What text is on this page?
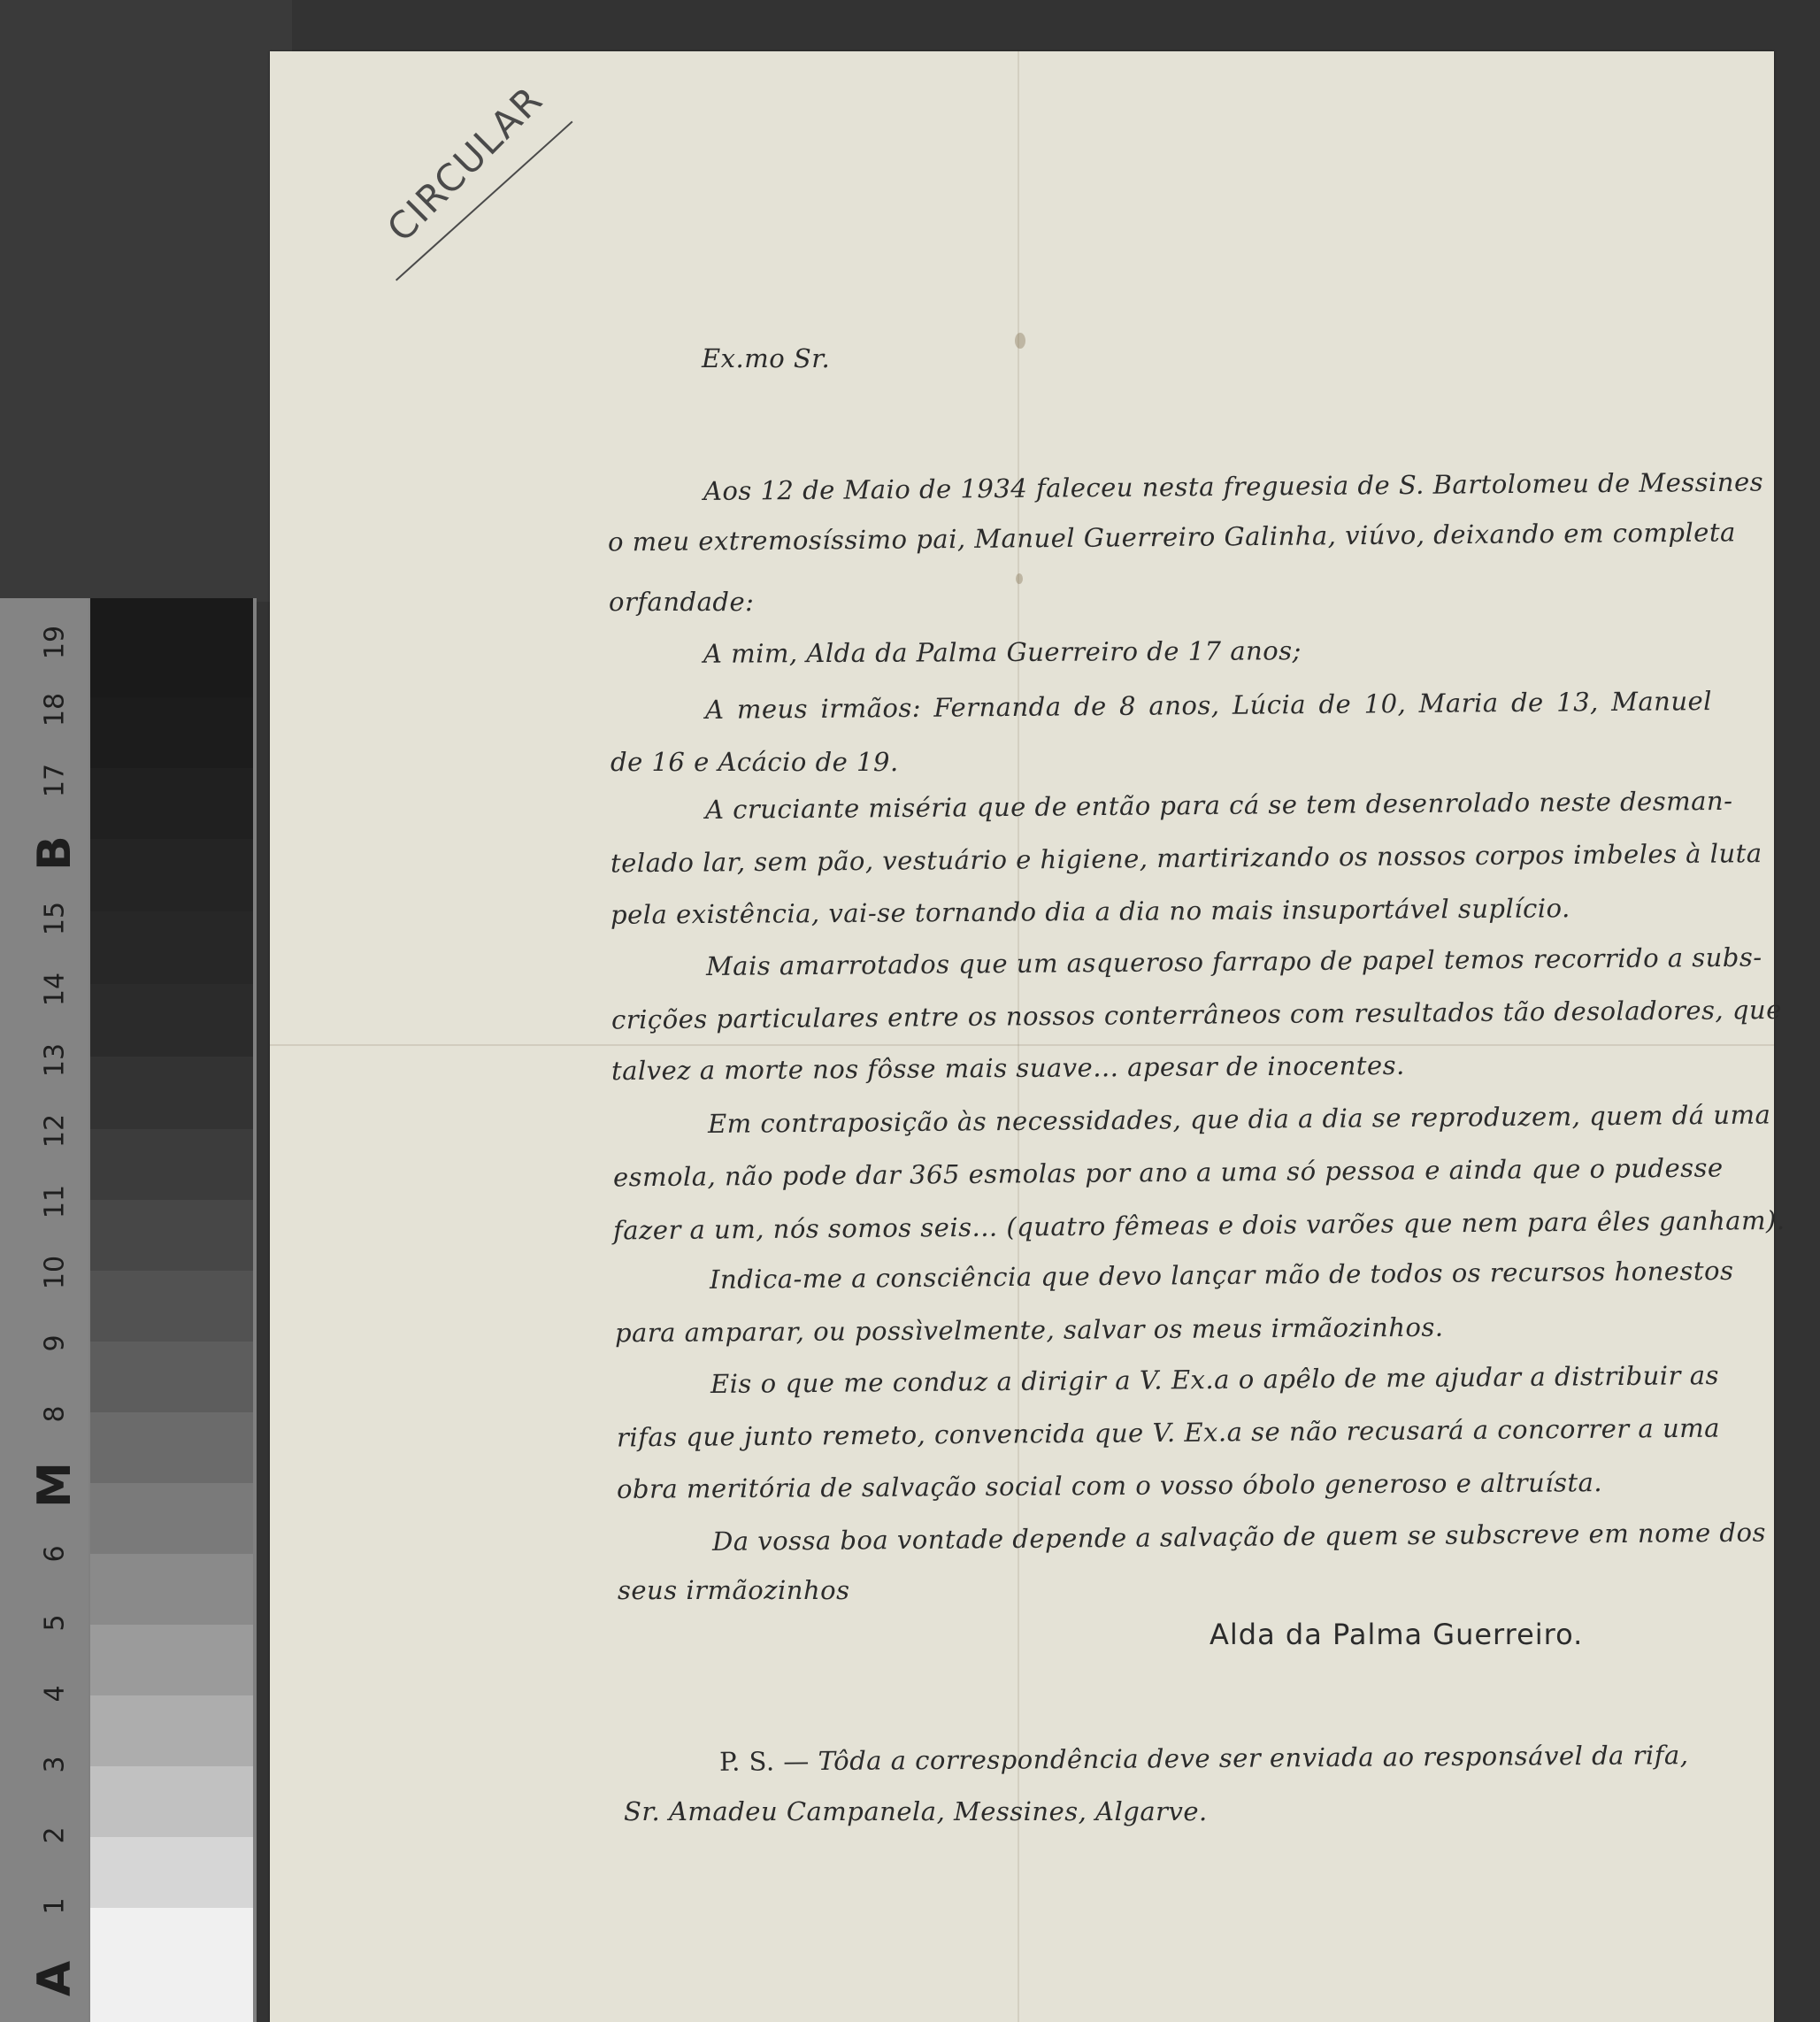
A
1
2
3
4
5
6
M
8
9
10
11
12
13
14
15
B
17
18
19
CIRCULAR
Ex.mo Sr.
Aos 12 de Maio de 1934 faleceu nesta freguesia de S. Bartolomeu de Messines
o meu extremosíssimo pai, Manuel Guerreiro Galinha, viúvo, deixando em completa
orfandade:
A mim, Alda da Palma Guerreiro de 17 anos;
A meus irmãos: Fernanda de 8 anos, Lúcia de 10, Maria de 13, Manuel
de 16 e Acácio de 19.
A cruciante miséria que de então para cá se tem desenrolado neste desman-
telado lar, sem pão, vestuário e higiene, martirizando os nossos corpos imbeles à luta
pela existência, vai-se tornando dia a dia no mais insuportável suplício.
Mais amarrotados que um asqueroso farrapo de papel temos recorrido a subs-
crições particulares entre os nossos conterrâneos com resultados tão desoladores, que
talvez a morte nos fôsse mais suave... apesar de inocentes.
Em contraposição às necessidades, que dia a dia se reproduzem, quem dá uma
esmola, não pode dar 365 esmolas por ano a uma só pessoa e ainda que o pudesse
fazer a um, nós somos seis... (quatro fêmeas e dois varões que nem para êles ganham).
Indica-me a consciência que devo lançar mão de todos os recursos honestos
para amparar, ou possìvelmente, salvar os meus irmãozinhos.
Eis o que me conduz a dirigir a V. Ex.a o apêlo de me ajudar a distribuir as
rifas que junto remeto, convencida que V. Ex.a se não recusará a concorrer a uma
obra meritória de salvação social com o vosso óbolo generoso e altruísta.
Da vossa boa vontade depende a salvação de quem se subscreve em nome dos
seus irmãozinhos
Alda da Palma Guerreiro.
P. S. — Tôda a correspondência deve ser enviada ao responsável da rifa,
Sr. Amadeu Campanela, Messines, Algarve.
